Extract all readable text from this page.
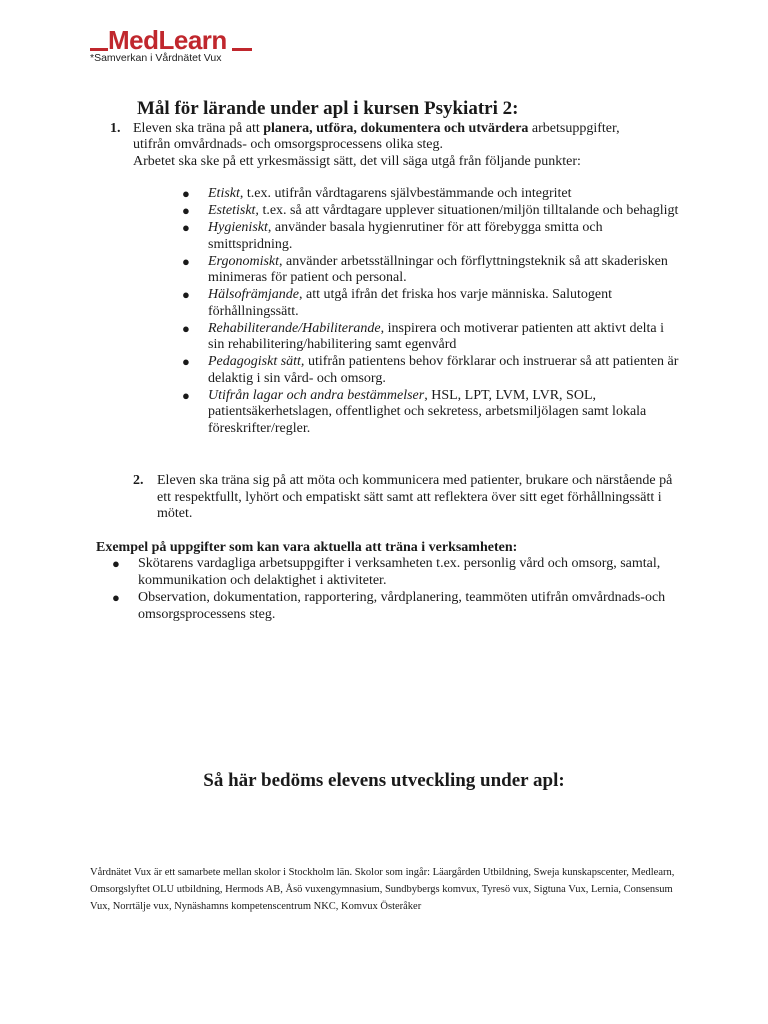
MedLearn
*Samverkan i Vårdnätet Vux
Mål för lärande under apl i kursen Psykiatri 2:
1. Eleven ska träna på att planera, utföra, dokumentera och utvärdera arbetsuppgifter,
utifrån omvårdnads- och omsorgsprocessens olika steg.
Arbetet ska ske på ett yrkesmässigt sätt, det vill säga utgå från följande punkter:
● Etiskt, t.ex. utifrån vårdtagarens självbestämmande och integritet
● Estetiskt, t.ex. så att vårdtagare upplever situationen/miljön tilltalande och behagligt
● Hygieniskt, använder basala hygienrutiner för att förebygga smitta och smittspridning.
● Ergonomiskt, använder arbetsställningar och förflyttningsteknik så att skaderisken minimeras för patient och personal.
● Hälsofrämjande, att utgå ifrån det friska hos varje människa. Salutogent förhållningssätt.
● Rehabiliterande/Habiliterande, inspirera och motiverar patienten att aktivt delta i sin rehabilitering/habilitering samt egenvård
● Pedagogiskt sätt, utifrån patientens behov förklarar och instruerar så att patienten är delaktig i sin vård- och omsorg.
● Utifrån lagar och andra bestämmelser, HSL, LPT, LVM, LVR, SOL, patientsäkerhetslagen, offentlighet och sekretess, arbetsmiljölagen samt lokala föreskrifter/regler.
2. Eleven ska träna sig på att möta och kommunicera med patienter, brukare och närstående på ett respektfullt, lyhört och empatiskt sätt samt att reflektera över sitt eget förhållningssätt i mötet.
Exempel på uppgifter som kan vara aktuella att träna i verksamheten:
● Skötarens vardagliga arbetsuppgifter i verksamheten t.ex. personlig vård och omsorg, samtal, kommunikation och delaktighet i aktiviteter.
● Observation, dokumentation, rapportering, vårdplanering, teammöten utifrån omvårdnads-och omsorgsprocessens steg.
Så här bedöms elevens utveckling under apl:
Vårdnätet Vux är ett samarbete mellan skolor i Stockholm län. Skolor som ingår: Läargården Utbildning, Sweja kunskapscenter, Medlearn, Omsorgslyftet OLU utbildning, Hermods AB, Åsö vuxengymnasium, Sundbybergs komvux, Tyresö vux, Sigtuna Vux, Lernia, Consensum Vux, Norrtälje vux, Nynäshamns kompetenscentrum NKC, Komvux Österåker
